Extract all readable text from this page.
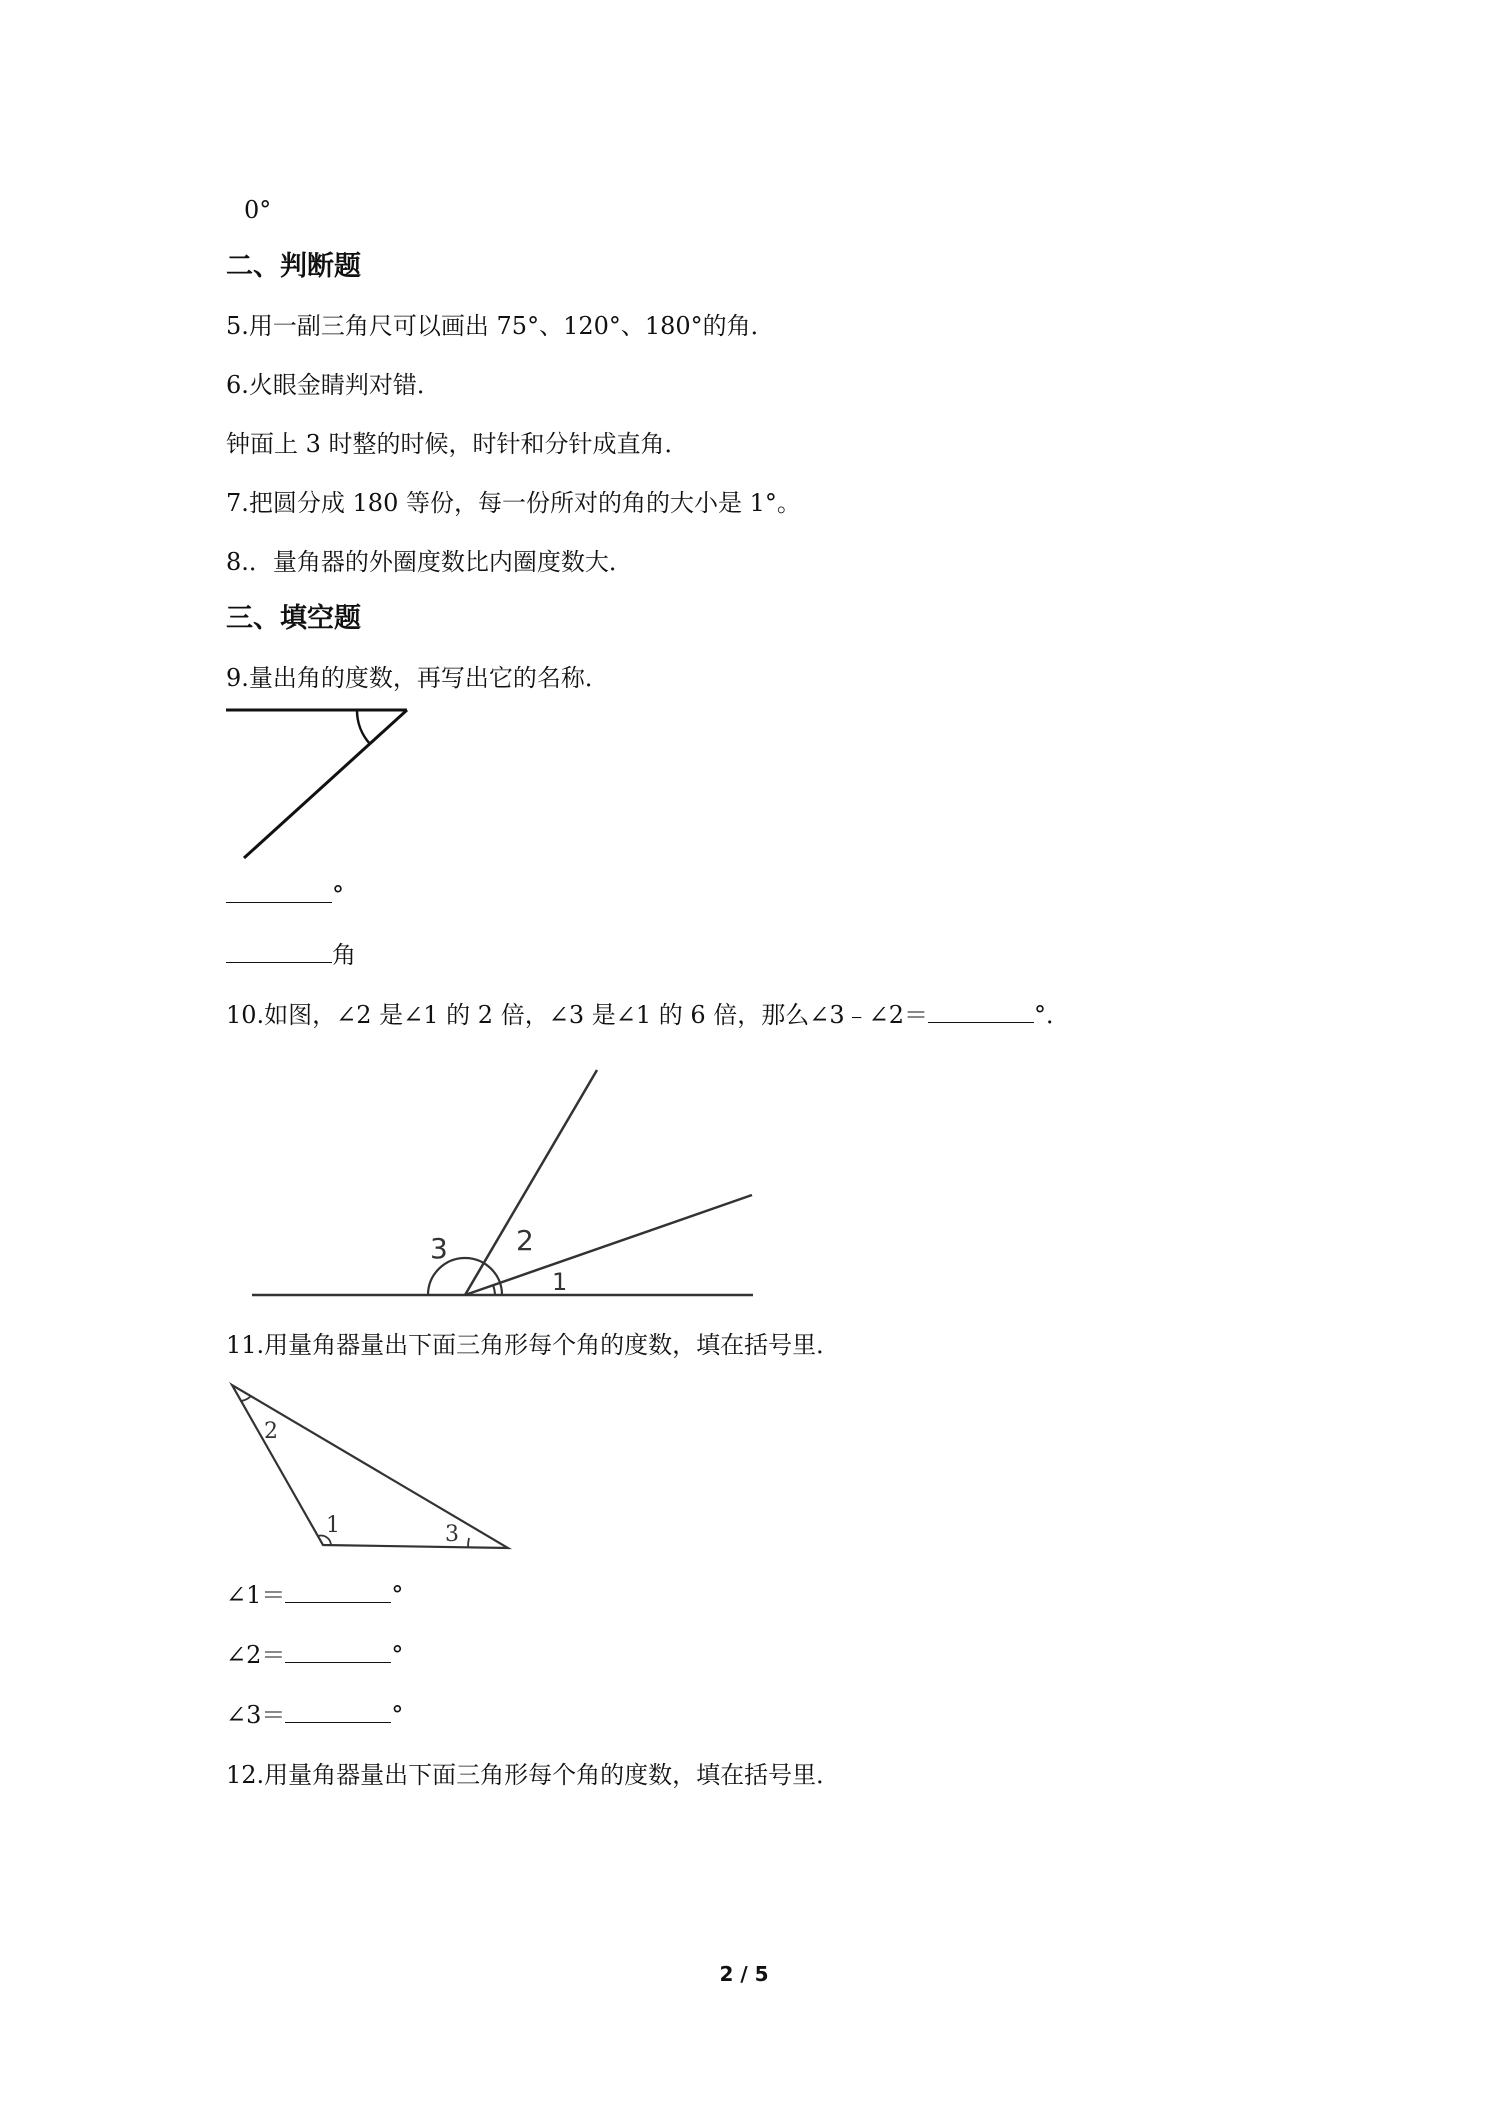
0°
二、判断题
5.用一副三角尺可以画出 75°、120°、180°的角．
6.火眼金睛判对错．
钟面上 3 时整的时候，时针和分针成直角．
7.把圆分成 180 等份，每一份所对的角的大小是 1°。
8.．量角器的外圈度数比内圈度数大．
三、填空题
9.量出角的度数，再写出它的名称．
°
角
10.如图，∠2 是∠1 的 2 倍，∠3 是∠1 的 6 倍，那么∠3﹣∠2＝	°．
3 2
1
11.用量角器量出下面三角形每个角的度数，填在括号里．
2
1	3
∠1＝	°
∠2＝	°
∠3＝	°
12.用量角器量出下面三角形每个角的度数，填在括号里．
2 / 5
